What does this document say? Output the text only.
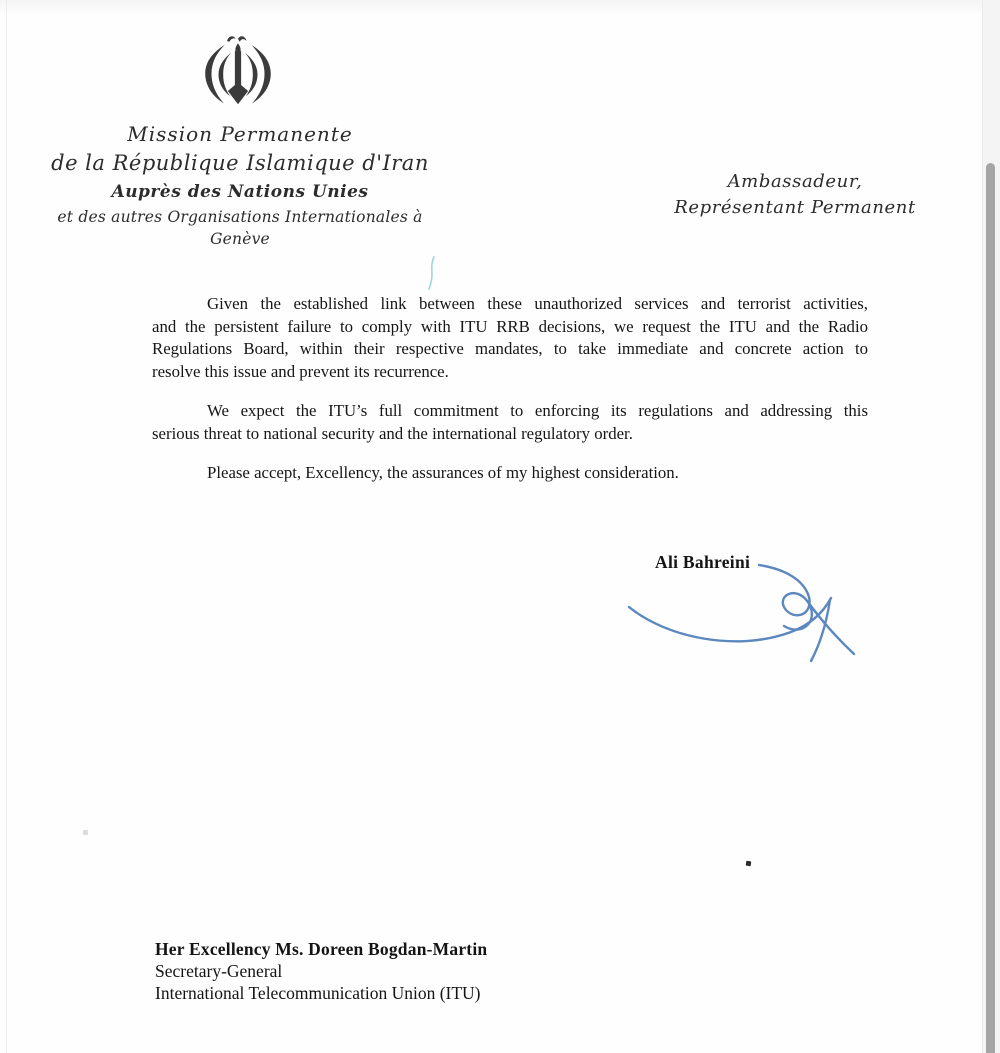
Mission Permanente
de la République Islamique d'Iran
Auprès des Nations Unies
et des autres Organisations Internationales à Genève
Ambassadeur,
Représentant Permanent
Given the established link between these unauthorized services and terrorist activities,
and the persistent failure to comply with ITU RRB decisions, we request the ITU and the Radio
Regulations Board, within their respective mandates, to take immediate and concrete action to
resolve this issue and prevent its recurrence.
We expect the ITU’s full commitment to enforcing its regulations and addressing this
serious threat to national security and the international regulatory order.
Please accept, Excellency, the assurances of my highest consideration.
Ali Bahreini
Her Excellency Ms. Doreen Bogdan-Martin
Secretary-General
International Telecommunication Union (ITU)
